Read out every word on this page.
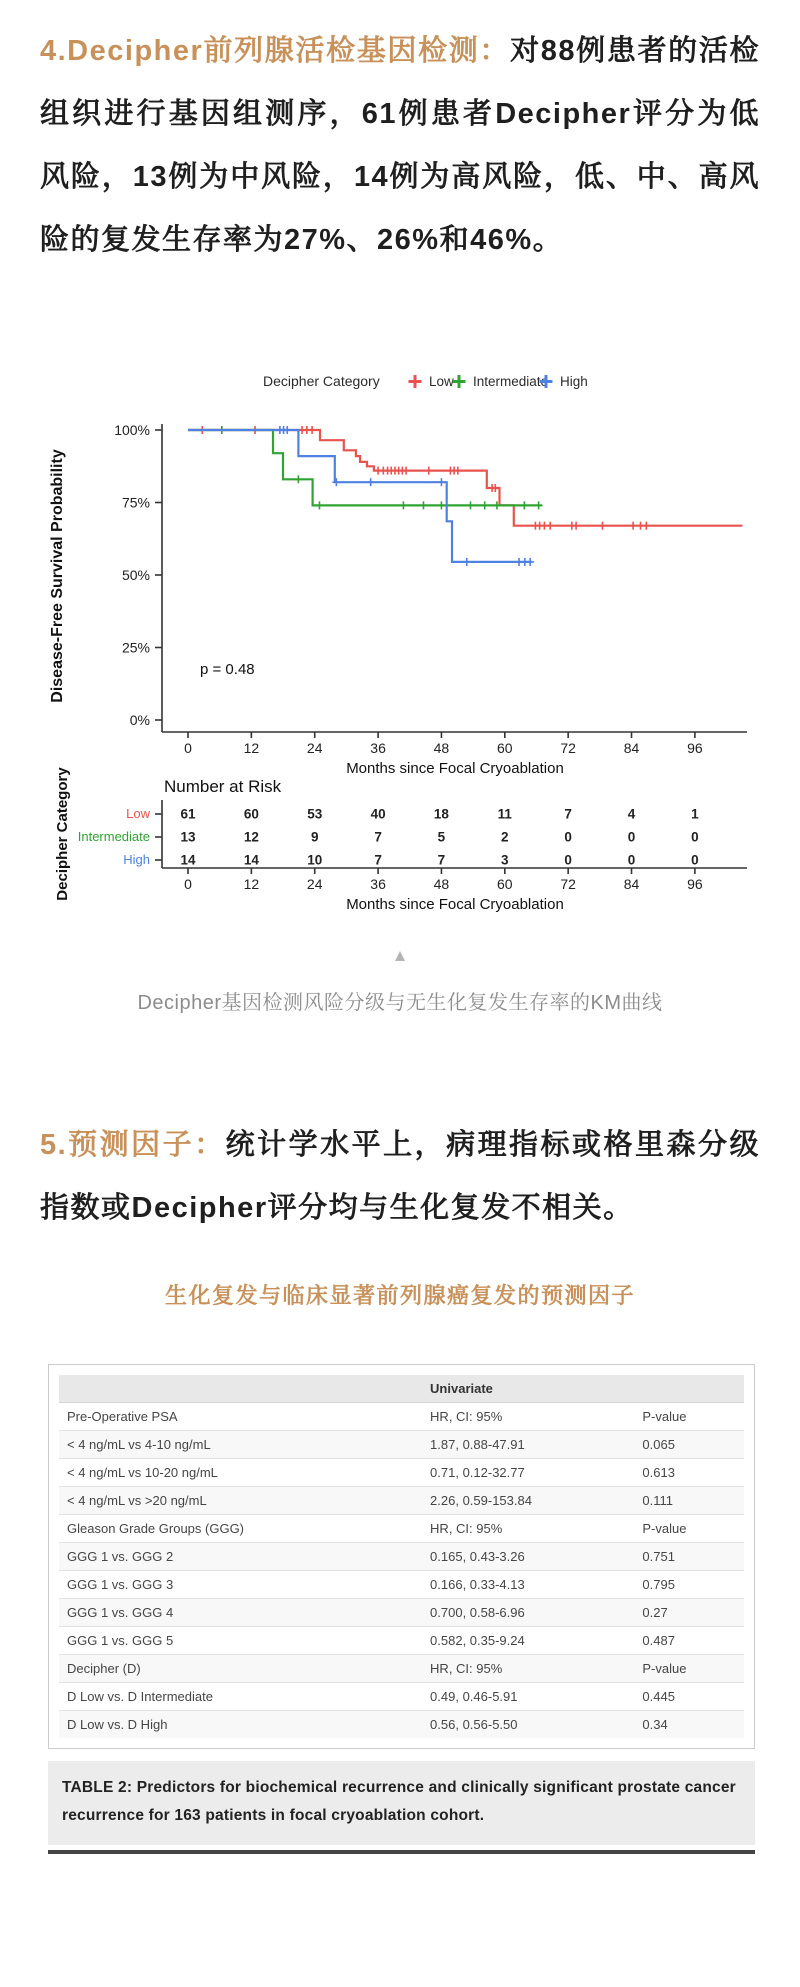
4.Decipher前列腺活检基因检测：对88例患者的活检组织进行基因组测序，61例患者Decipher评分为低风险，13例为中风险，14例为高风险，低、中、高风险的复发生存率为27%、26%和46%。

Decipher Category	Low Intermediate High
100%
75%
50%
25%
0%
0	12	24	36	48	60	72	84	96
Months since Focal Cryoablation
Disease-Free Survival Probability	p = 0.48
Number at Risk
Low 61	60	53	40	18	11	7	4	1
Intermediate 13	12	9	7	5	2	0	0	0
High 14	14	10	7	7	3	0	0	0
0	12	24	36	48	60	72	84	96
Months since Focal Cryoablation
Decipher Category
▲
Decipher基因检测风险分级与无生化复发生存率的KM曲线

5.预测因子：统计学水平上，病理指标或格里森分级指数或Decipher评分均与生化复发不相关。

生化复发与临床显著前列腺癌复发的预测因子
	Univariate	
Pre-Operative PSA	HR, CI: 95%	P-value
< 4 ng/mL vs 4-10 ng/mL	1.87, 0.88-47.91	0.065
< 4 ng/mL vs 10-20 ng/mL	0.71, 0.12-32.77	0.613
< 4 ng/mL vs >20 ng/mL	2.26, 0.59-153.84	0.111
Gleason Grade Groups (GGG)	HR, CI: 95%	P-value
GGG 1 vs. GGG 2	0.165, 0.43-3.26	0.751
GGG 1 vs. GGG 3	0.166, 0.33-4.13	0.795
GGG 1 vs. GGG 4	0.700, 0.58-6.96	0.27
GGG 1 vs. GGG 5	0.582, 0.35-9.24	0.487
Decipher (D)	HR, CI: 95%	P-value
D Low vs. D Intermediate	0.49, 0.46-5.91	0.445
D Low vs. D High	0.56, 0.56-5.50	0.34
TABLE 2: Predictors for biochemical recurrence and clinically significant prostate cancer recurrence for 163 patients in focal cryoablation cohort.
